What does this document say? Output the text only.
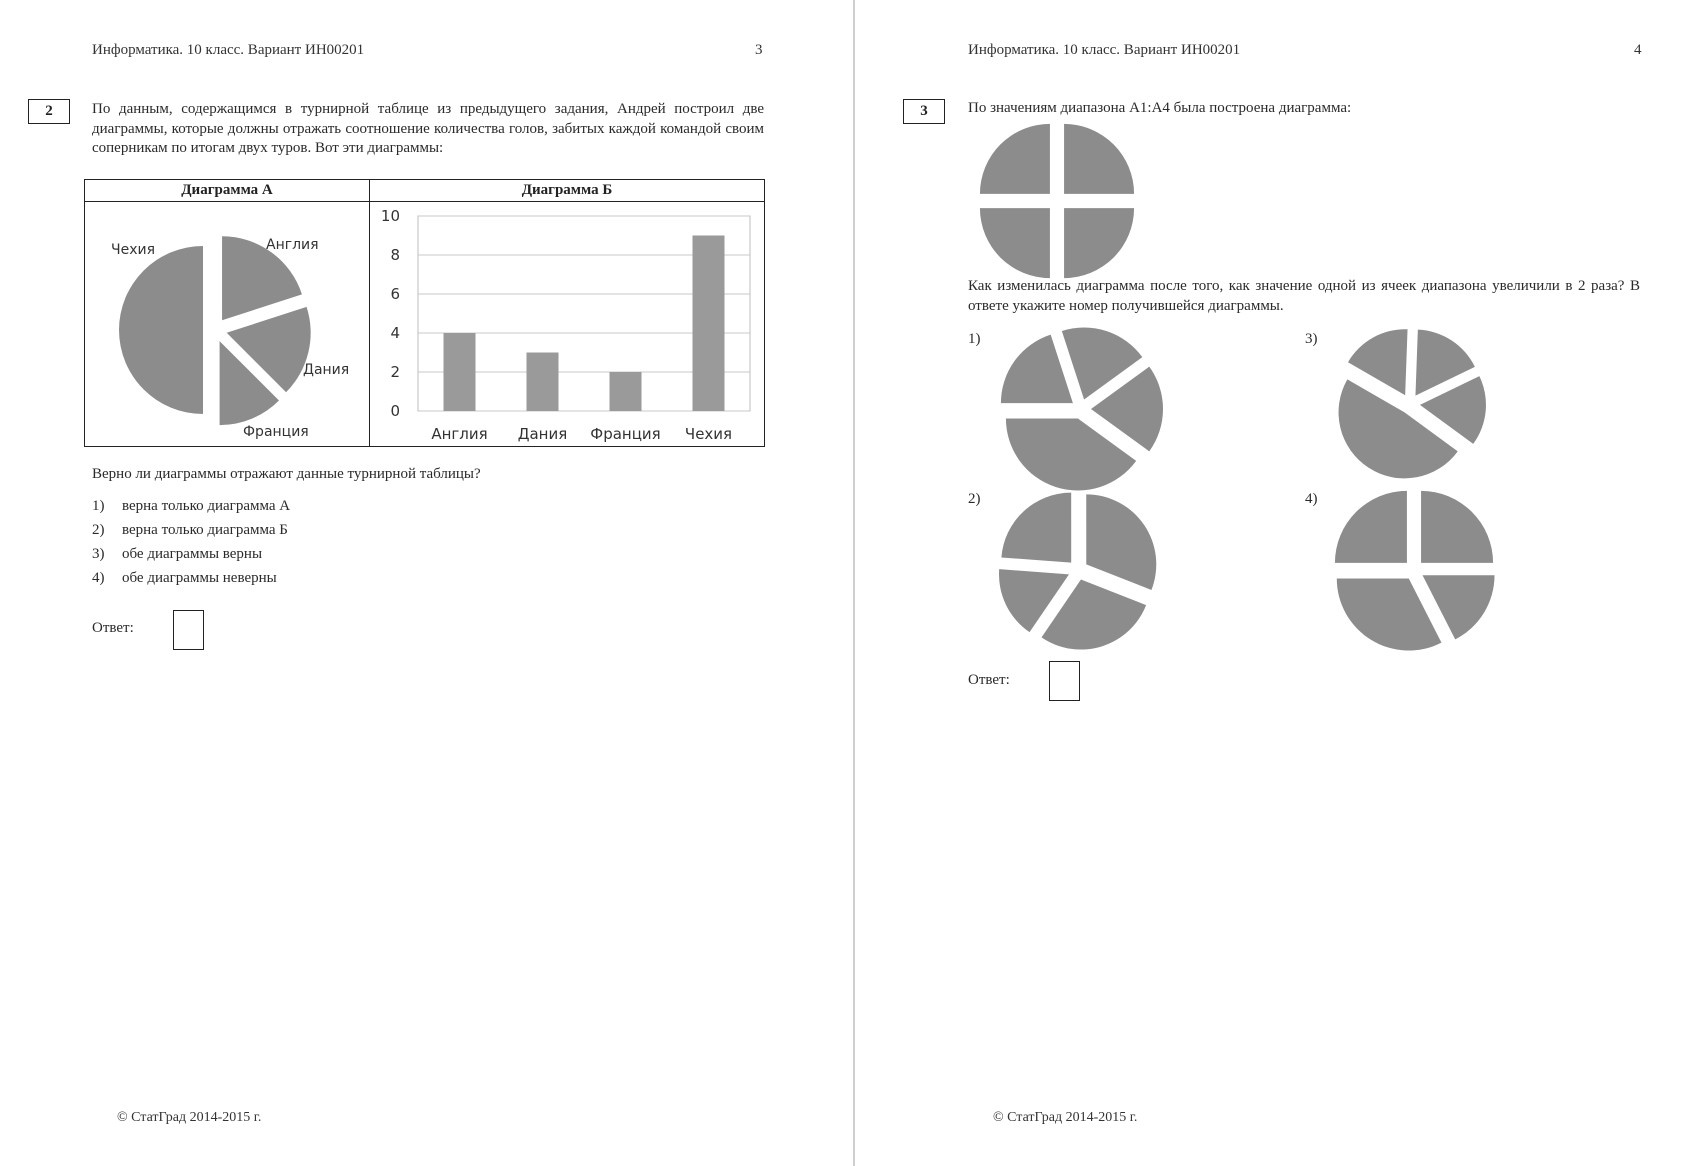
Информатика. 10 класс. Вариант ИН00201	3
2	По данным, содержащимся в турнирной таблице из предыдущего задания, Андрей построил две диаграммы, которые должны отражать соотношение количества голов, забитых каждой командой своим соперникам по итогам двух туров. Вот эти диаграммы:
Диаграмма А	Диаграмма Б
Чехия	Англия
Дания
Франция
0
2
4
6
8
10
Англия Дания Франция Чехия
Верно ли диаграммы отражают данные турнирной таблицы?
1) верна только диаграмма А
2) верна только диаграмма Б
3) обе диаграммы верны
4) обе диаграммы неверны
Ответ:
© СтатГрад 2014-2015 г.
Информатика. 10 класс. Вариант ИН00201	4
3	По значениям диапазона A1:A4 была построена диаграмма:
Как изменилась диаграмма после того, как значение одной из ячеек диапазона увеличили в 2 раза? В ответе укажите номер получившейся диаграммы.
1)
2)
3)
4)
Ответ:
© СтатГрад 2014-2015 г.
